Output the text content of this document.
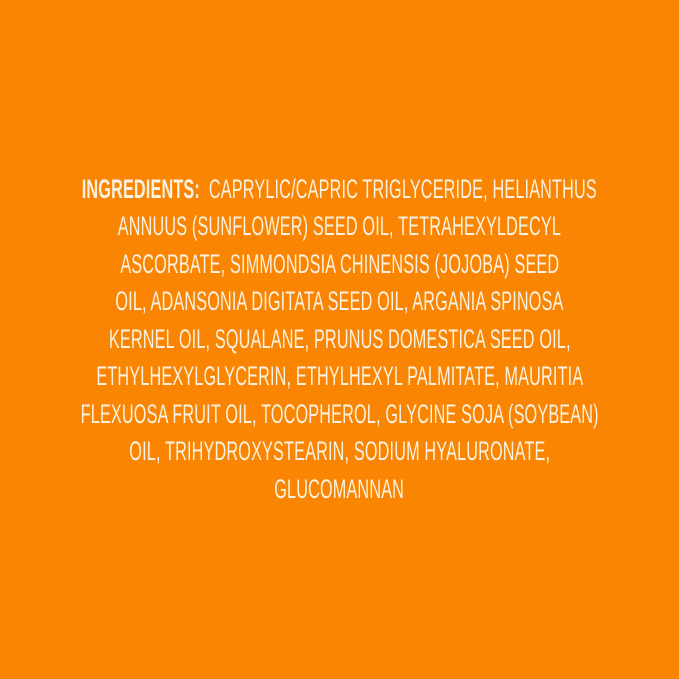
INGREDIENTS: CAPRYLIC/CAPRIC TRIGLYCERIDE, HELIANTHUS
ANNUUS (SUNFLOWER) SEED OIL, TETRAHEXYLDECYL
ASCORBATE, SIMMONDSIA CHINENSIS (JOJOBA) SEED
OIL, ADANSONIA DIGITATA SEED OIL, ARGANIA SPINOSA
KERNEL OIL, SQUALANE, PRUNUS DOMESTICA SEED OIL,
ETHYLHEXYLGLYCERIN, ETHYLHEXYL PALMITATE, MAURITIA
FLEXUOSA FRUIT OIL, TOCOPHEROL, GLYCINE SOJA (SOYBEAN)
OIL, TRIHYDROXYSTEARIN, SODIUM HYALURONATE,
GLUCOMANNAN
